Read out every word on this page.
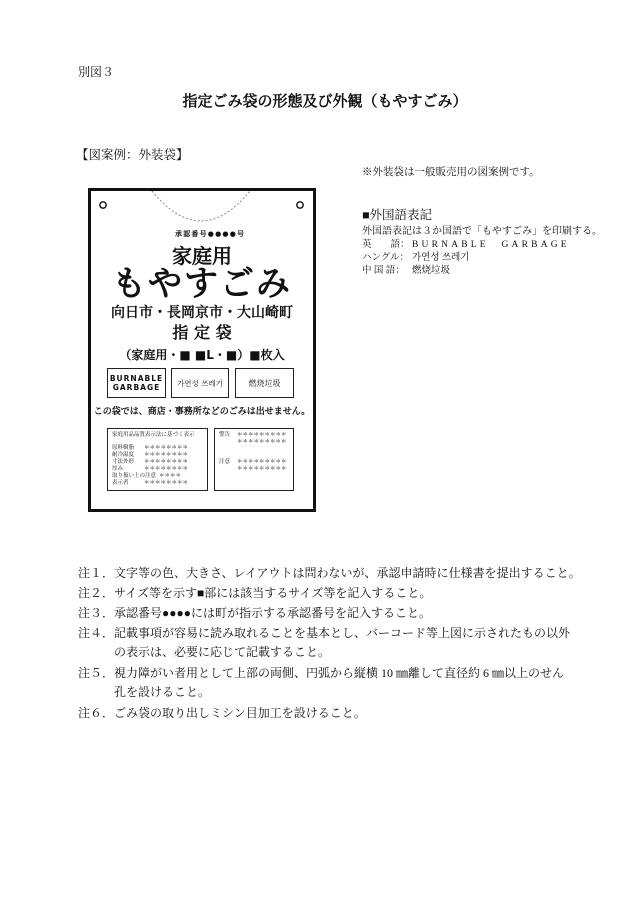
別図３
指定ごみ袋の形態及び外観（もやすごみ）
【図案例：外装袋】
※外装袋は一般販売用の図案例です。
承認番号●●●●号
家庭用
もやすごみ
向日市・長岡京市・大山崎町
指 定 袋
（家庭用・■ ■L・■）■枚入
BURNABLE
GARBAGE 가연성 쓰레기	燃烧垃圾
この袋では、商店・事務所などのごみは出せません。
家庭用品品質表示法に基づく表示
原料樹脂	＊＊＊＊＊＊＊＊
耐冷温度	＊＊＊＊＊＊＊＊
寸法外形	＊＊＊＊＊＊＊＊
厚み	＊＊＊＊＊＊＊＊
取り扱い上の注意 ＊＊＊＊
表示者	＊＊＊＊＊＊＊＊
警告 ＊＊＊＊＊＊＊＊＊
＊＊＊＊＊＊＊＊＊
注意 ＊＊＊＊＊＊＊＊＊
＊＊＊＊＊＊＊＊＊
■外国語表記
外国語表記は３か国語で「もやすごみ」を印刷する。
英　　語： BURNABLE　GARBAGE
ハングル： 가연성 쓰레기
中 国 語： 燃烧垃圾
注１．文字等の色、大きさ、レイアウトは問わないが、承認申請時に仕様書を提出すること。
注２．サイズ等を示す■部には該当するサイズ等を記入すること。
注３．承認番号●●●●には町が指示する承認番号を記入すること。
注４．記載事項が容易に読み取れることを基本とし、バーコード等上図に示されたもの以外
の表示は、必要に応じて記載すること。
注５．視力障がい者用として上部の両側、円弧から縦横 10 ㎜離して直径約 6 ㎜以上のせん
孔を設けること。
注６．ごみ袋の取り出しミシン目加工を設けること。
